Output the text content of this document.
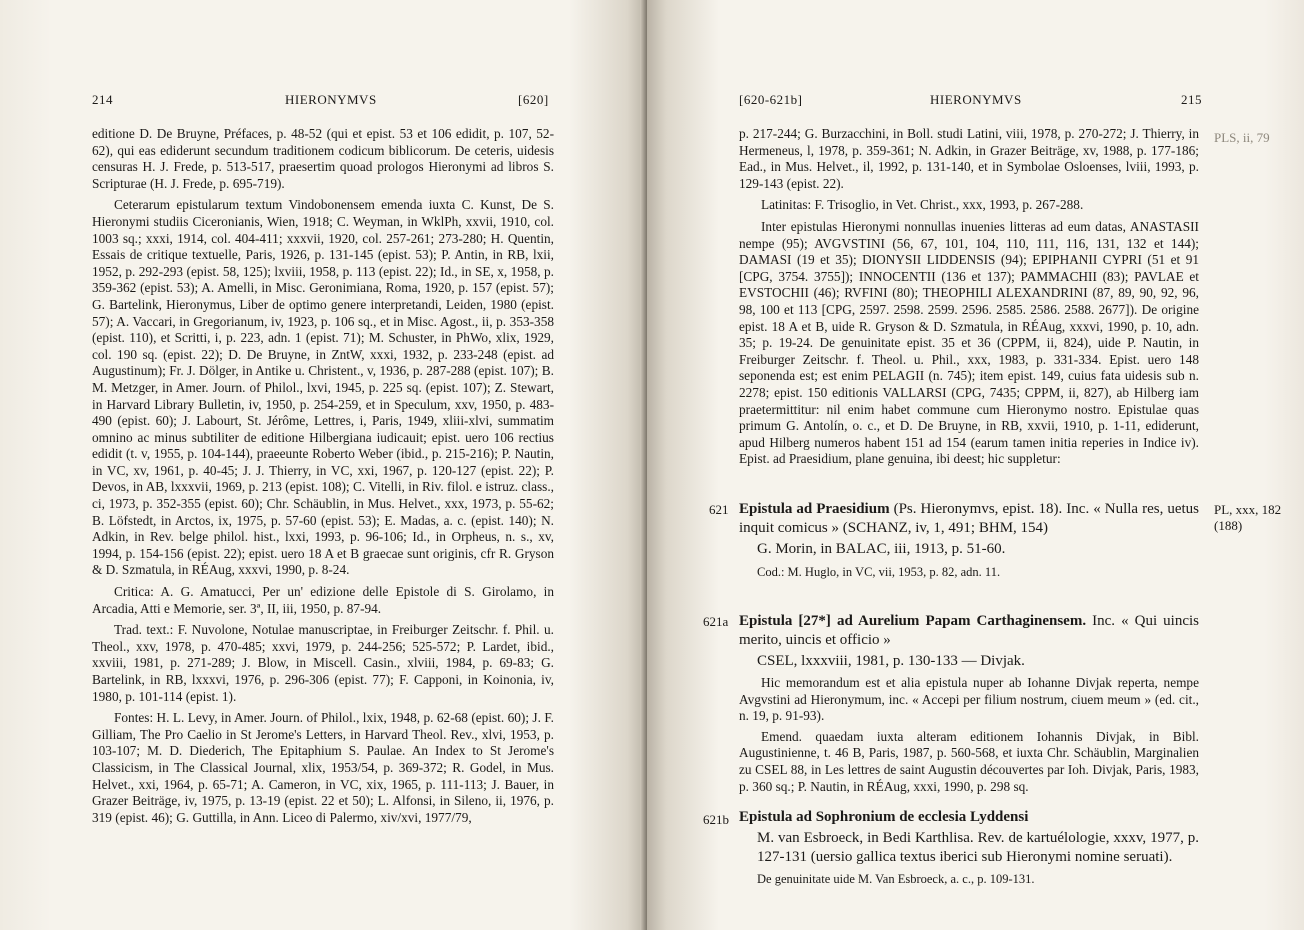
214	HIERONYMVS	[620]

editione D. De Bruyne, Préfaces, p. 48-52 (qui et epist. 53 et 106 edidit, p. 107, 52-62), qui eas ediderunt secundum traditionem codicum biblicorum. De ceteris, uidesis censuras H. J. Frede, p. 513-517, praesertim quoad prologos Hieronymi ad libros S. Scripturae (H. J. Frede, p. 695-719).

Ceterarum epistularum textum Vindobonensem emenda iuxta C. Kunst, De S. Hieronymi studiis Ciceronianis, Wien, 1918; C. Weyman, in WklPh, xxvii, 1910, col. 1003 sq.; xxxi, 1914, col. 404-411; xxxvii, 1920, col. 257-261; 273-280; H. Quentin, Essais de critique textuelle, Paris, 1926, p. 131-145 (epist. 53); P. Antin, in RB, lxii, 1952, p. 292-293 (epist. 58, 125); lxviii, 1958, p. 113 (epist. 22); Id., in SE, x, 1958, p. 359-362 (epist. 53); A. Amelli, in Misc. Geronimiana, Roma, 1920, p. 157 (epist. 57); G. Bartelink, Hieronymus, Liber de optimo genere interpretandi, Leiden, 1980 (epist. 57); A. Vaccari, in Gregorianum, iv, 1923, p. 106 sq., et in Misc. Agost., ii, p. 353-358 (epist. 110), et Scritti, i, p. 223, adn. 1 (epist. 71); M. Schuster, in PhWo, xlix, 1929, col. 190 sq. (epist. 22); D. De Bruyne, in ZntW, xxxi, 1932, p. 233-248 (epist. ad Augustinum); Fr. J. Dölger, in Antike u. Christent., v, 1936, p. 287-288 (epist. 107); B. M. Metzger, in Amer. Journ. of Philol., lxvi, 1945, p. 225 sq. (epist. 107); Z. Stewart, in Harvard Library Bulletin, iv, 1950, p. 254-259, et in Speculum, xxv, 1950, p. 483-490 (epist. 60); J. Labourt, St. Jérôme, Lettres, i, Paris, 1949, xliii-xlvi, summatim omnino ac minus subtiliter de editione Hilbergiana iudicauit; epist. uero 106 rectius edidit (t. v, 1955, p. 104-144), praeeunte Roberto Weber (ibid., p. 215-216); P. Nautin, in VC, xv, 1961, p. 40-45; J. J. Thierry, in VC, xxi, 1967, p. 120-127 (epist. 22); P. Devos, in AB, lxxxvii, 1969, p. 213 (epist. 108); C. Vitelli, in Riv. filol. e istruz. class., ci, 1973, p. 352-355 (epist. 60); Chr. Schäublin, in Mus. Helvet., xxx, 1973, p. 55-62; B. Löfstedt, in Arctos, ix, 1975, p. 57-60 (epist. 53); E. Madas, a. c. (epist. 140); N. Adkin, in Rev. belge philol. hist., lxxi, 1993, p. 96-106; Id., in Orpheus, n. s., xv, 1994, p. 154-156 (epist. 22); epist. uero 18 A et B graecae sunt originis, cfr R. Gryson & D. Szmatula, in RÉAug, xxxvi, 1990, p. 8-24.

Critica: A. G. Amatucci, Per un' edizione delle Epistole di S. Girolamo, in Arcadia, Atti e Memorie, ser. 3ª, II, iii, 1950, p. 87-94.

Trad. text.: F. Nuvolone, Notulae manuscriptae, in Freiburger Zeitschr. f. Phil. u. Theol., xxv, 1978, p. 470-485; xxvi, 1979, p. 244-256; 525-572; P. Lardet, ibid., xxviii, 1981, p. 271-289; J. Blow, in Miscell. Casin., xlviii, 1984, p. 69-83; G. Bartelink, in RB, lxxxvi, 1976, p. 296-306 (epist. 77); F. Capponi, in Koinonia, iv, 1980, p. 101-114 (epist. 1).

Fontes: H. L. Levy, in Amer. Journ. of Philol., lxix, 1948, p. 62-68 (epist. 60); J. F. Gilliam, The Pro Caelio in St Jerome's Letters, in Harvard Theol. Rev., xlvi, 1953, p. 103-107; M. D. Diederich, The Epitaphium S. Paulae. An Index to St Jerome's Classicism, in The Classical Journal, xlix, 1953/54, p. 369-372; R. Godel, in Mus. Helvet., xxi, 1964, p. 65-71; A. Cameron, in VC, xix, 1965, p. 111-113; J. Bauer, in Grazer Beiträge, iv, 1975, p. 13-19 (epist. 22 et 50); L. Alfonsi, in Sileno, ii, 1976, p. 319 (epist. 46); G. Guttilla, in Ann. Liceo di Palermo, xiv/xvi, 1977/79,

[620-621b]	HIERONYMVS	215
PLS, ii, 79

p. 217-244; G. Burzacchini, in Boll. studi Latini, viii, 1978, p. 270-272; J. Thierry, in Hermeneus, l, 1978, p. 359-361; N. Adkin, in Grazer Beiträge, xv, 1988, p. 177-186; Ead., in Mus. Helvet., il, 1992, p. 131-140, et in Symbolae Osloenses, lviii, 1993, p. 129-143 (epist. 22).

Latinitas: F. Trisoglio, in Vet. Christ., xxx, 1993, p. 267-288.

Inter epistulas Hieronymi nonnullas inuenies litteras ad eum datas, ANASTASII nempe (95); AVGVSTINI (56, 67, 101, 104, 110, 111, 116, 131, 132 et 144); DAMASI (19 et 35); DIONYSII LIDDENSIS (94); EPIPHANII CYPRI (51 et 91 [CPG, 3754. 3755]); INNOCENTII (136 et 137); PAMMACHII (83); PAVLAE et EVSTOCHII (46); RVFINI (80); THEOPHILI ALEXANDRINI (87, 89, 90, 92, 96, 98, 100 et 113 [CPG, 2597. 2598. 2599. 2596. 2585. 2586. 2588. 2677]). De origine epist. 18 A et B, uide R. Gryson & D. Szmatula, in RÉAug, xxxvi, 1990, p. 10, adn. 35; p. 19-24. De genuinitate epist. 35 et 36 (CPPM, ii, 824), uide P. Nautin, in Freiburger Zeitschr. f. Theol. u. Phil., xxx, 1983, p. 331-334. Epist. uero 148 seponenda est; est enim PELAGII (n. 745); item epist. 149, cuius fata uidesis sub n. 2278; epist. 150 editionis VALLARSI (CPG, 7435; CPPM, ii, 827), ab Hilberg iam praetermittitur: nil enim habet commune cum Hieronymo nostro. Epistulae quas primum G. Antolín, o. c., et D. De Bruyne, in RB, xxvii, 1910, p. 1-11, ediderunt, apud Hilberg numeros habent 151 ad 154 (earum tamen initia reperies in Indice iv). Epist. ad Praesidium, plane genuina, ibi deest; hic suppletur:

621 Epistula ad Praesidium (Ps. Hieronymvs, epist. 18). Inc. « Nulla res, uetus inquit comicus » (SCHANZ, iv, 1, 491; BHM, 154)
G. Morin, in BALAC, iii, 1913, p. 51-60.
Cod.: M. Huglo, in VC, vii, 1953, p. 82, adn. 11.
PL, xxx, 182 (188)
621a Epistula [27*] ad Aurelium Papam Carthaginensem. Inc. « Qui uincis merito, uincis et officio »
CSEL, lxxxviii, 1981, p. 130-133 — Divjak.
Hic memorandum est et alia epistula nuper ab Iohanne Divjak reperta, nempe Avgvstini ad Hieronymum, inc. « Accepi per filium nostrum, ciuem meum » (ed. cit., n. 19, p. 91-93).
Emend. quaedam iuxta alteram editionem Iohannis Divjak, in Bibl. Augustinienne, t. 46 B, Paris, 1987, p. 560-568, et iuxta Chr. Schäublin, Marginalien zu CSEL 88, in Les lettres de saint Augustin découvertes par Ioh. Divjak, Paris, 1983, p. 360 sq.; P. Nautin, in RÉAug, xxxi, 1990, p. 298 sq.
621b Epistula ad Sophronium de ecclesia Lyddensi
M. van Esbroeck, in Bedi Karthlisa. Rev. de kartuélologie, xxxv, 1977, p. 127-131 (uersio gallica textus iberici sub Hieronymi nomine seruati).
De genuinitate uide M. Van Esbroeck, a. c., p. 109-131.
